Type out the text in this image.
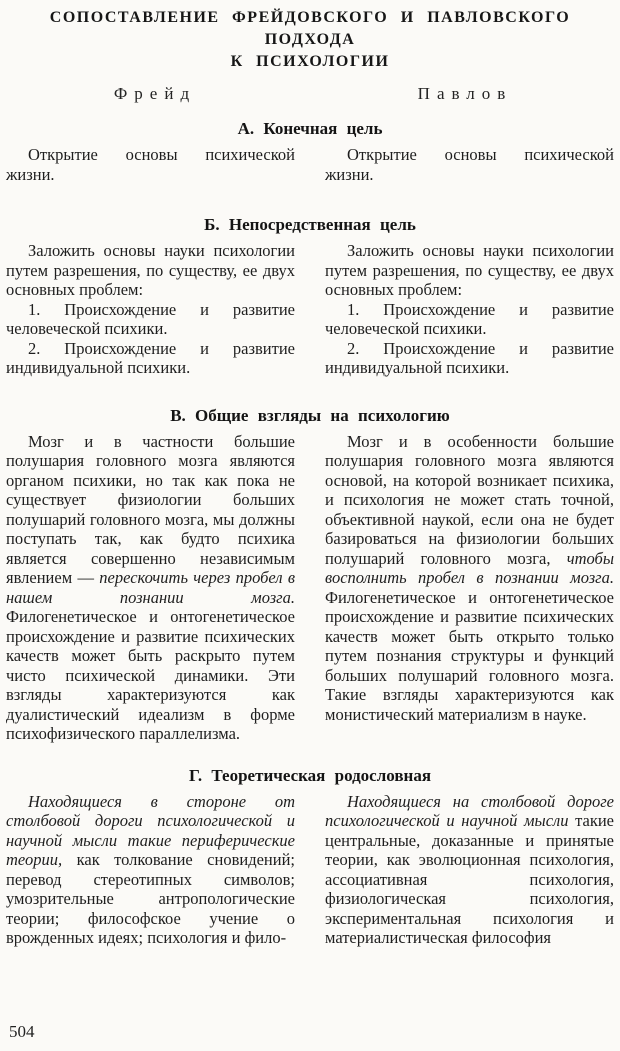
СОПОСТАВЛЕНИЕ ФРЕЙДОВСКОГО И ПАВЛОВСКОГО ПОДХОДА
К ПСИХОЛОГИИ
Фрейд	Павлов
А. Конечная цель

Открытие основы психической жизни.

Открытие основы психической жизни.

Б. Непосредственная цель

Заложить основы науки психологии путем разрешения, по существу, ее двух основных проблем:

1. Происхождение и развитие человеческой психики.

2. Происхождение и развитие индивидуальной психики.

Заложить основы науки психологии путем разрешения, по существу, ее двух основных проблем:

1. Происхождение и развитие человеческой психики.

2. Происхождение и развитие индивидуальной психики.

В. Общие взгляды на психологию

Мозг и в частности большие полушария головного мозга являются органом психики, но так как пока не существует физиологии больших полушарий головного мозга, мы должны поступать так, как будто психика является совершенно независимым явлением — перескочить через пробел в нашем познании мозга. Филогенетическое и онтогенетическое происхождение и развитие психических качеств может быть раскрыто путем чисто психической динамики. Эти взгляды характеризуются как дуалистический идеализм в форме психофизического параллелизма.

Мозг и в особенности большие полушария головного мозга являются основой, на которой возникает психика, и психология не может стать точной, объективной наукой, если она не будет базироваться на физиологии больших полушарий головного мозга, чтобы восполнить пробел в познании мозга. Филогенетическое и онтогенетическое происхождение и развитие психических качеств может быть открыто только путем познания структуры и функций больших полушарий головного мозга. Такие взгляды характеризуются как монистический материализм в науке.

Г. Теоретическая родословная

Находящиеся в стороне от столбовой дороги психологической и научной мысли такие периферические теории, как толкование сновидений; перевод стереотипных символов; умозрительные антропологические теории; философское учение о врожденных идеях; психология и фило-

Находящиеся на столбовой дороге психологической и научной мысли такие центральные, доказанные и принятые теории, как эволюционная психология, ассоциативная психология, физиологическая психология, экспериментальная психология и материалистическая философия

504
